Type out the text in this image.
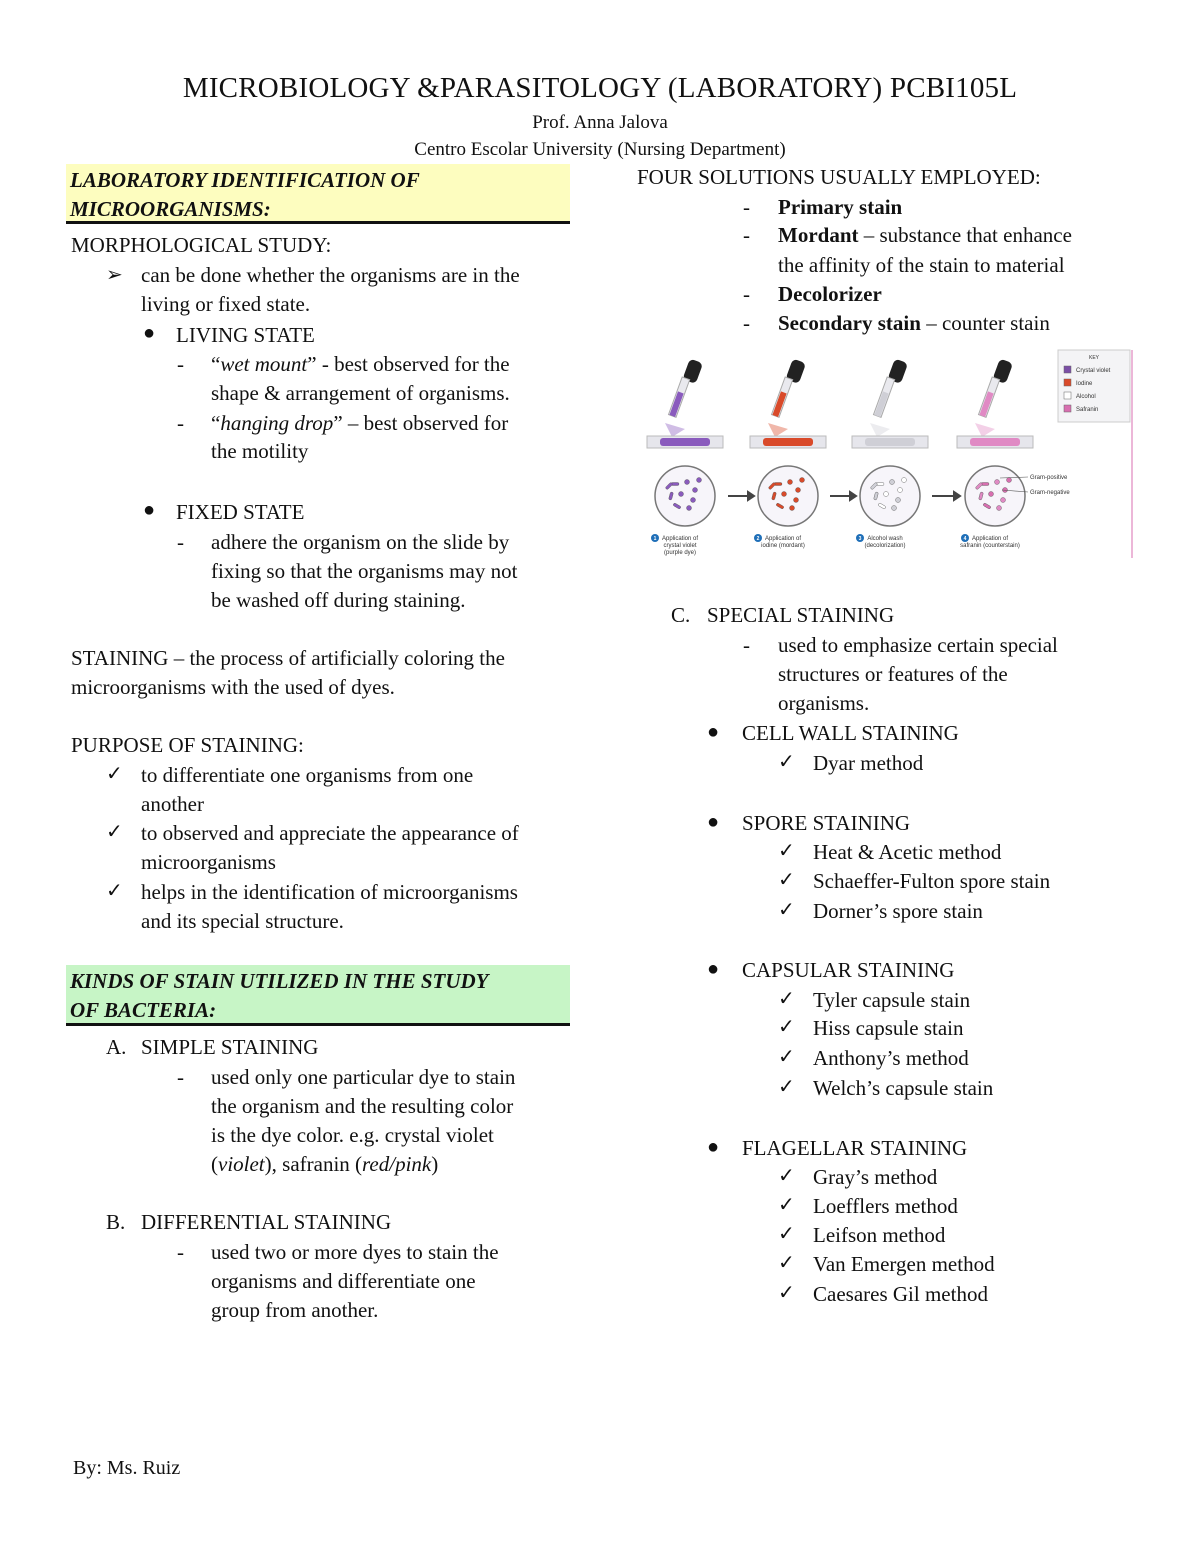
MICROBIOLOGY &PARASITOLOGY (LABORATORY) PCBI105L
Prof. Anna Jalova
Centro Escolar University (Nursing Department)
LABORATORY IDENTIFICATION OF
MICROORGANISMS:
MORPHOLOGICAL STUDY:
➢ can be done whether the organisms are in the
living or fixed state.
● LIVING STATE
- “wet mount” - best observed for the
shape & arrangement of organisms.
- “hanging drop” – best observed for
the motility
● FIXED STATE
- adhere the organism on the slide by
fixing so that the organisms may not
be washed off during staining.
STAINING – the process of artificially coloring the
microorganisms with the used of dyes.
PURPOSE OF STAINING:
✓ to differentiate one organisms from one
another
✓ to observed and appreciate the appearance of
microorganisms
✓ helps in the identification of microorganisms
and its special structure.
KINDS OF STAIN UTILIZED IN THE STUDY
OF BACTERIA:
A. SIMPLE STAINING
- used only one particular dye to stain
the organism and the resulting color
is the dye color. e.g. crystal violet
(violet), safranin (red/pink)
B. DIFFERENTIAL STAINING
- used two or more dyes to stain the
organisms and differentiate one
group from another.
FOUR SOLUTIONS USUALLY EMPLOYED:
- Primary stain
- Mordant – substance that enhance
the affinity of the stain to material
- Decolorizer
- Secondary stain – counter stain
1 Application of
crystal violet
(purple dye)
2 Application of
iodine (mordant)
3 Alcohol wash
(decolorization)
4 Application of
safranin (counterstain)
KEY
Crystal violet
Iodine
Alcohol
Safranin
Gram-positive
Gram-negative
C. SPECIAL STAINING
- used to emphasize certain special
structures or features of the
organisms.
● CELL WALL STAINING
✓ Dyar method
● SPORE STAINING
✓ Heat & Acetic method
✓ Schaeffer-Fulton spore stain
✓ Dorner’s spore stain
● CAPSULAR STAINING
✓ Tyler capsule stain
✓ Hiss capsule stain
✓ Anthony’s method
✓ Welch’s capsule stain
● FLAGELLAR STAINING
✓ Gray’s method
✓ Loefflers method
✓ Leifson method
✓ Van Emergen method
✓ Caesares Gil method
By: Ms. Ruiz
